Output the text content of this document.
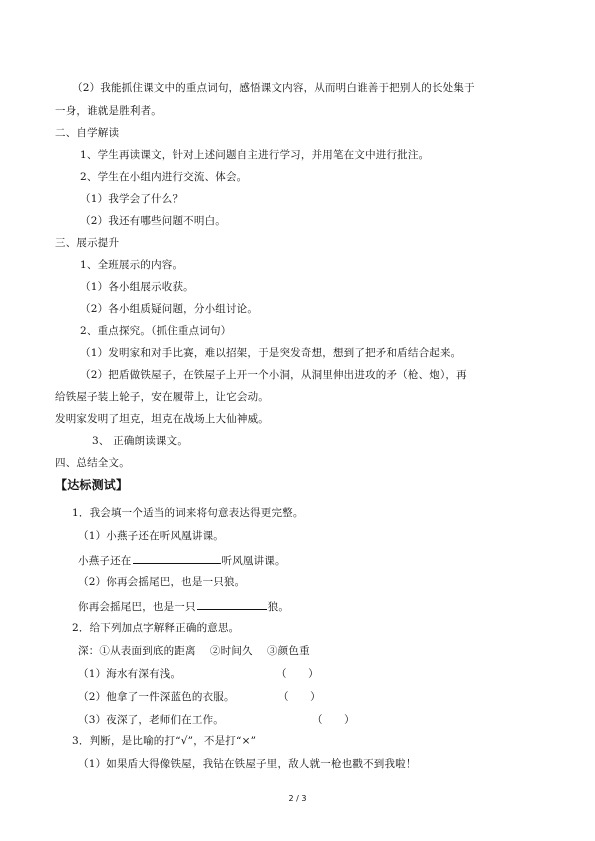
（2）我能抓住课文中的重点词句，感悟课文内容，从而明白谁善于把别人的长处集于
一身，谁就是胜利者。
二、自学解读
1、学生再读课文，针对上述问题自主进行学习，并用笔在文中进行批注。
2、学生在小组内进行交流、体会。
（1）我学会了什么？
（2）我还有哪些问题不明白。
三、展示提升
1、全班展示的内容。
（1）各小组展示收获。
（2）各小组质疑问题，分小组讨论。
2、重点探究。（抓住重点词句）
（1）发明家和对手比赛，难以招架，于是突发奇想，想到了把矛和盾结合起来。
（2）把盾做铁屋子，在铁屋子上开一个小洞，从洞里伸出进攻的矛（枪、炮），再
给铁屋子装上轮子，安在履带上，让它会动。
发明家发明了坦克，坦克在战场上大仙神威。
3、 正确朗读课文。
四、总结全文。
【达标测试】
1．我会填一个适当的词来将句意表达得更完整。
（1）小燕子还在听风凰讲课。
小燕子还在	听风凰讲课。
（2）你再会摇尾巴，也是一只狼。
你再会摇尾巴，也是一只	狼。
2．给下列加点字解释正确的意思。
深：①从表面到底的距离　 ②时间久　 ③颜色重
（1）海水有深有浅。	（　　）
（2）他拿了一件深蓝色的衣服。	（　　）
（3）夜深了，老师们在工作。	（　　）
3．判断，是比喻的打“√”，不是打“×”
（1）如果盾大得像铁屋，我钻在铁屋子里，敌人就一枪也戳不到我啦！
2 / 3
